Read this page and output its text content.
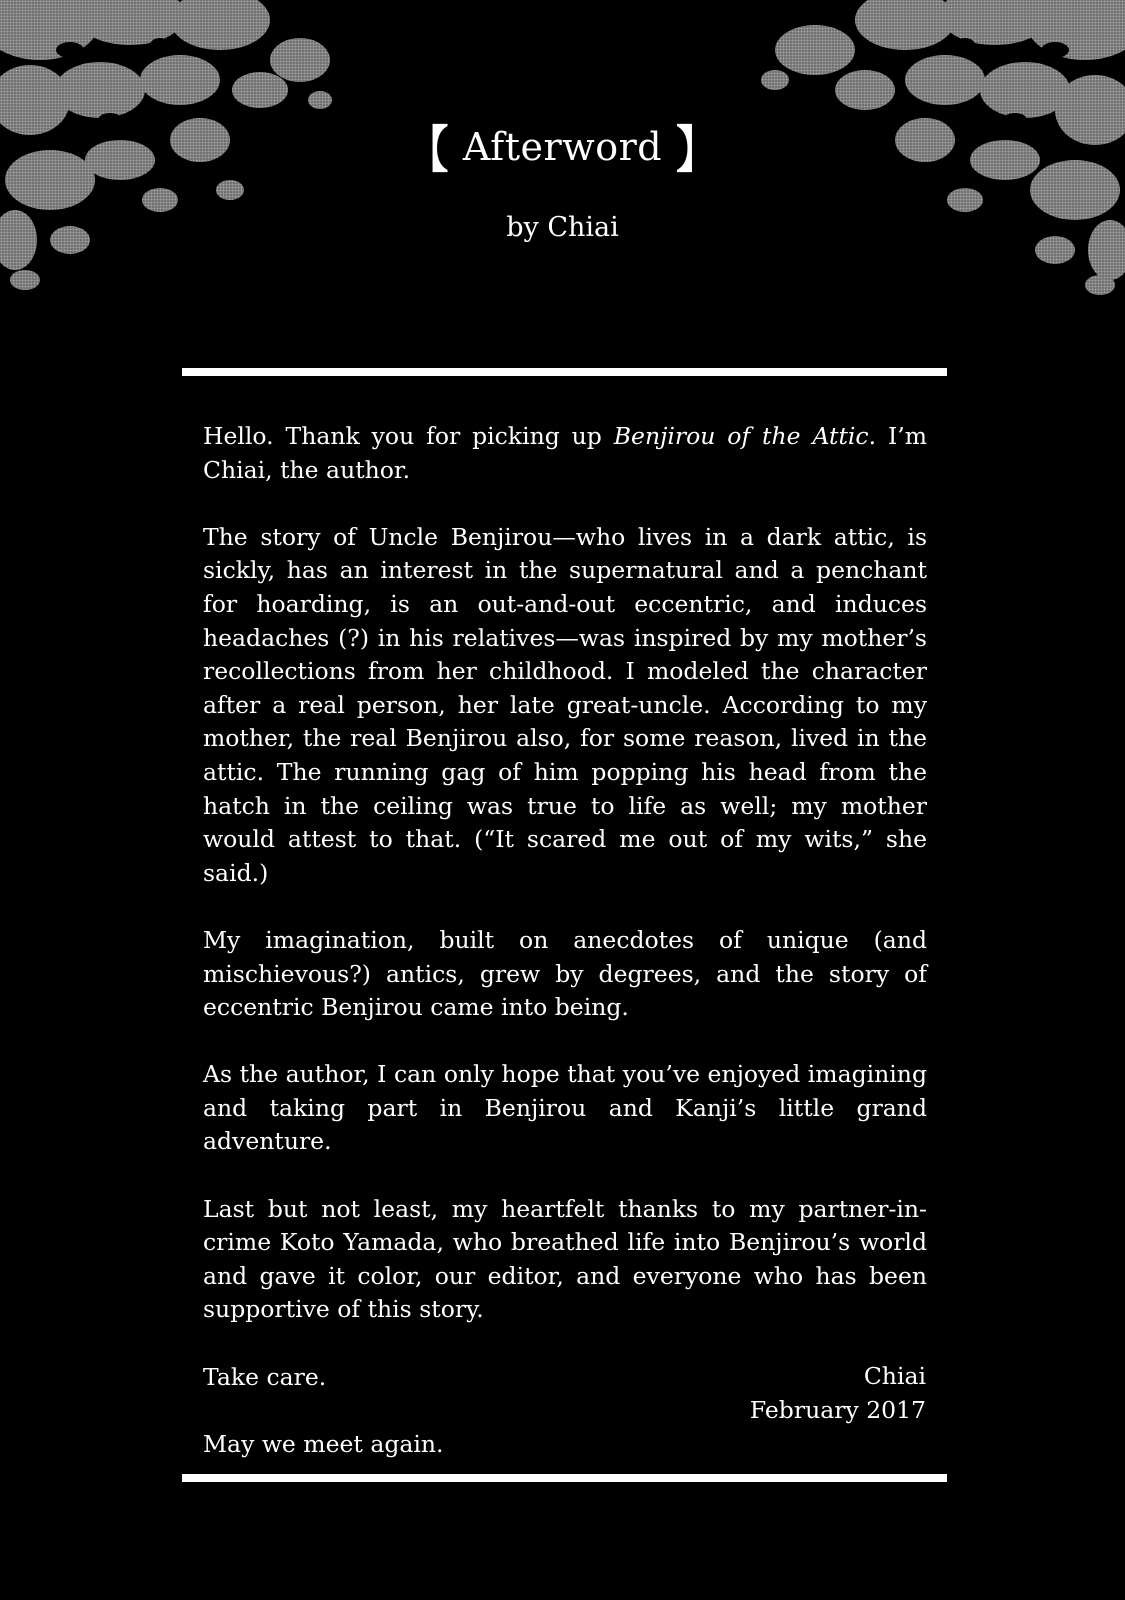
【 Afterword 】
by Chiai

Hello. Thank you for picking up Benjirou of the Attic. I’m Chiai, the author.

The story of Uncle Benjirou—who lives in a dark attic, is sickly, has an interest in the supernatural and a penchant for hoarding, is an out-and-out eccentric, and induces headaches (?) in his relatives—was inspired by my mother’s recollections from her childhood. I modeled the character after a real person, her late great-uncle. According to my mother, the real Benjirou also, for some reason, lived in the attic. The running gag of him popping his head from the hatch in the ceiling was true to life as well; my mother would attest to that. (“It scared me out of my wits,” she said.)

My imagination, built on anecdotes of unique (and mischievous?) antics, grew by degrees, and the story of eccentric Benjirou came into being.

As the author, I can only hope that you’ve enjoyed imagining and taking part in Benjirou and Kanji’s little grand adventure.

Last but not least, my heartfelt thanks to my partner-in-crime Koto Yamada, who breathed life into Benjirou’s world and gave it color, our editor, and everyone who has been supportive of this story.

Take care.

May we meet again.

Chiai
February 2017
